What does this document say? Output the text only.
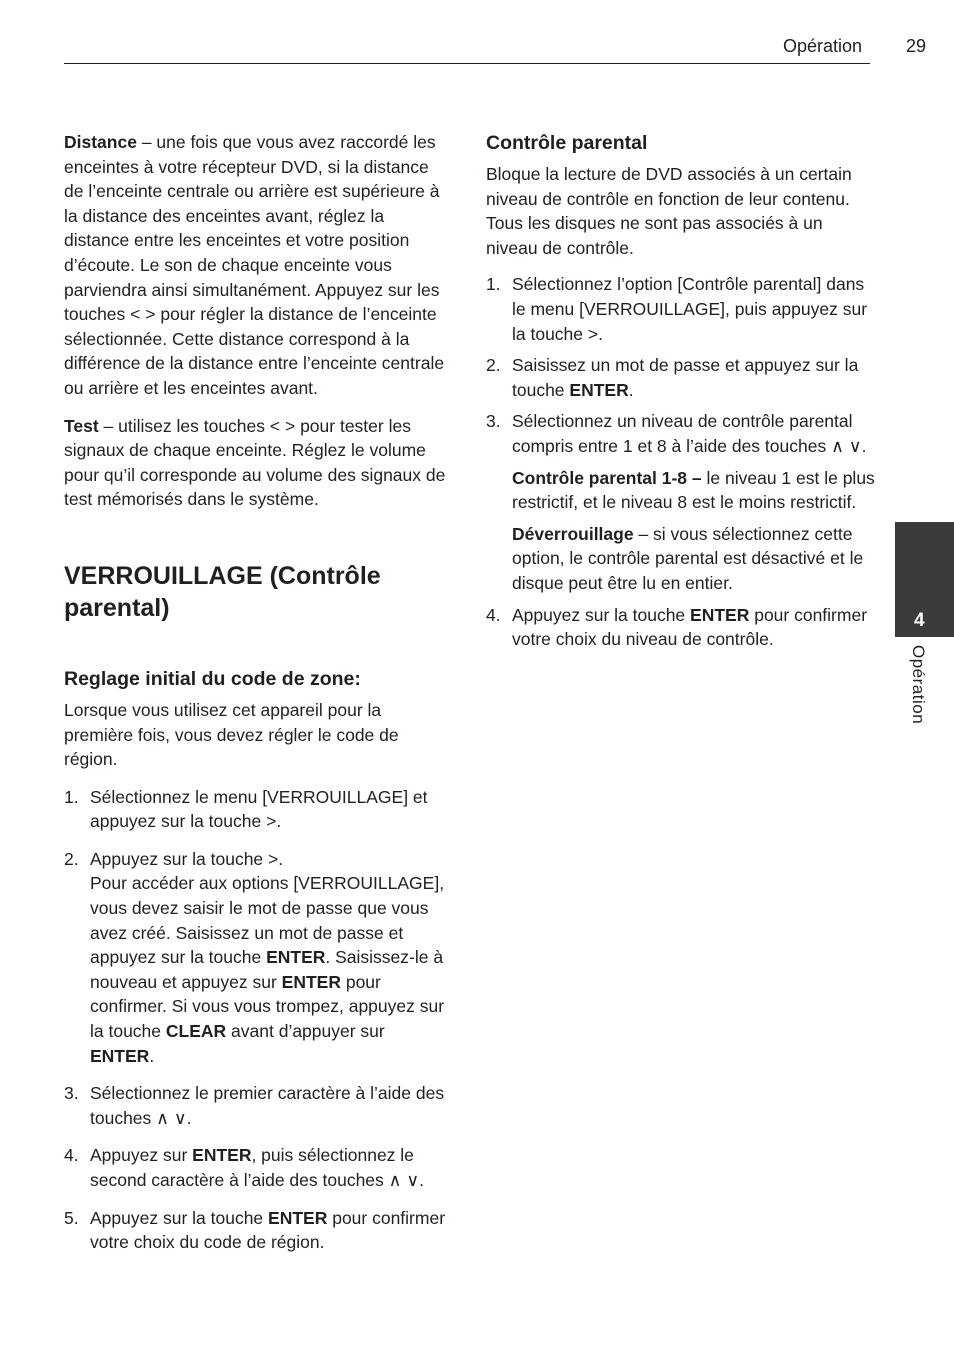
Opération 29

Distance – une fois que vous avez raccordé les enceintes à votre récepteur DVD, si la distance de l’enceinte centrale ou arrière est supérieure à la distance des enceintes avant, réglez la distance entre les enceintes et votre position d’écoute. Le son de chaque enceinte vous parviendra ainsi simultanément. Appuyez sur les touches < > pour régler la distance de l’enceinte sélectionnée. Cette distance correspond à la différence de la distance entre l’enceinte centrale ou arrière et les enceintes avant.

Test – utilisez les touches < > pour tester les signaux de chaque enceinte. Réglez le volume pour qu’il corresponde au volume des signaux de test mémorisés dans le système.

VERROUILLAGE (Contrôle parental)
Reglage initial du code de zone:

Lorsque vous utilisez cet appareil pour la première fois, vous devez régler le code de région.

1. Sélectionnez le menu [VERROUILLAGE] et appuyez sur la touche >.
2. Appuyez sur la touche >.
Pour accéder aux options [VERROUILLAGE], vous devez saisir le mot de passe que vous avez créé. Saisissez un mot de passe et appuyez sur la touche ENTER. Saisissez-le à nouveau et appuyez sur ENTER pour confirmer. Si vous vous trompez, appuyez sur la touche CLEAR avant d’appuyer sur ENTER.
3. Sélectionnez le premier caractère à l’aide des touches ∧ ∨.
4. Appuyez sur ENTER, puis sélectionnez le second caractère à l’aide des touches ∧ ∨.
5. Appuyez sur la touche ENTER pour confirmer votre choix du code de région.
Contrôle parental

Bloque la lecture de DVD associés à un certain niveau de contrôle en fonction de leur contenu. Tous les disques ne sont pas associés à un niveau de contrôle.

1. Sélectionnez l’option [Contrôle parental] dans le menu [VERROUILLAGE], puis appuyez sur la touche >.
2. Saisissez un mot de passe et appuyez sur la touche ENTER.
3. Sélectionnez un niveau de contrôle parental compris entre 1 et 8 à l’aide des touches ∧ ∨.

Contrôle parental 1-8 – le niveau 1 est le plus restrictif, et le niveau 8 est le moins restrictif.

Déverrouillage – si vous sélectionnez cette option, le contrôle parental est désactivé et le disque peut être lu en entier.

4. Appuyez sur la touche ENTER pour confirmer votre choix du niveau de contrôle.
4
Opération
